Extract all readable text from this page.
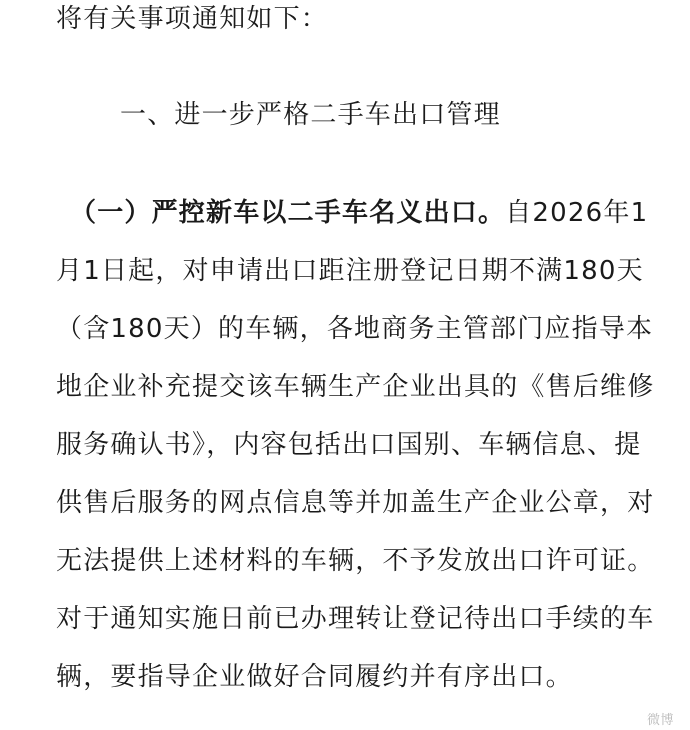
将有关事项通知如下：
一、进一步严格二手车出口管理
（一）严控新车以二手车名义出口。自2026年1
月1日起，对申请出口距注册登记日期不满180天
（含180天）的车辆，各地商务主管部门应指导本
地企业补充提交该车辆生产企业出具的《售后维修
服务确认书》，内容包括出口国别、车辆信息、提
供售后服务的网点信息等并加盖生产企业公章，对
无法提供上述材料的车辆，不予发放出口许可证。
对于通知实施日前已办理转让登记待出口手续的车
辆，要指导企业做好合同履约并有序出口。
微博
